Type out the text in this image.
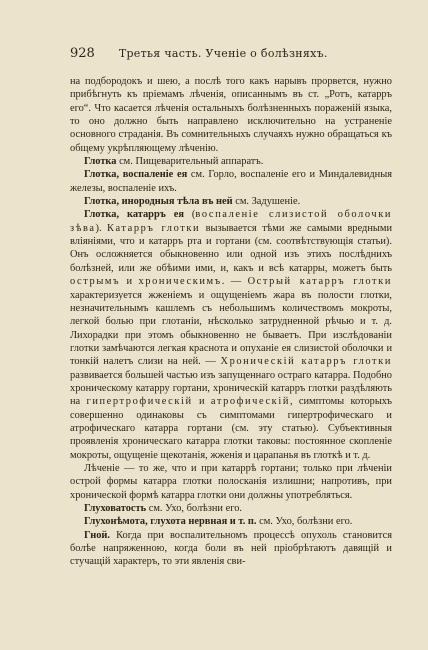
928 Третья часть. Ученіе о болѣзняхъ.

на подбородокъ и шею, а послѣ того какъ нарывъ прорвется, нужно прибѣгнуть къ пріемамъ лѣченія, описаннымъ въ ст. „Ротъ, катарръ его“. Что касается лѣченія остальныхъ болѣзненныхъ пораженій языка, то оно должно быть направлено исключительно на устраненіе основного страданія. Въ сомнительныхъ случаяхъ нужно обращаться къ общему укрѣпляющему лѣченію.

Глотка см. Пищеварительный аппаратъ.

Глотка, воспаленіе ея см. Горло, воспаленіе его и Миндалевидныя железы, воспаленіе ихъ.

Глотка, инородныя тѣла въ ней см. Задушеніе.

Глотка, катарръ ея (воспаленіе слизистой оболочки зѣва). Катарръ глотки вызывается тѣми же самыми вредными вліяніями, что и катарръ рта и гортани (см. соотвѣтствующія статьи). Онъ осложняется обыкновенно или одной изъ этихъ послѣднихъ болѣзней, или же обѣими ими, и, какъ и всѣ катарры, можетъ быть острымъ и хроническимъ. — Острый катарръ глотки характеризуется жженіемъ и ощущеніемъ жара въ полости глотки, незначительнымъ кашлемъ съ небольшимъ количествомъ мокроты, легкой болью при глотаніи, нѣсколько затрудненной рѣчью и т. д. Лихорадки при этомъ обыкновенно не бываетъ. При изслѣдованіи глотки замѣчаются легкая краснота и опуханіе ея слизистой оболочки и тонкій налетъ слизи на ней. — Хроническій катарръ глотки развивается большей частью изъ запущеннаго остраго катарра. Подобно хроническому катарру гортани, хроническій катарръ глотки раздѣляють на гипертрофическій и атрофическій, симптомы которыхъ совершенно одинаковы съ симптомами гипертрофическаго и атрофическаго катарра гортани (см. эту статью). Субъективныя проявленія хроническаго катарра глотки таковы: постоянное скопленіе мокроты, ощущеніе щекотанія, жженія и царапанья въ глоткѣ и т. д.

Лѣченіе — то же, что и при катаррѣ гортани; только при лѣченіи острой формы катарра глотки полосканія излишни; напротивъ, при хронической формѣ катарра глотки они должны употребляться.

Глуховатость см. Ухо, болѣзни его.

Глухонѣмота, глухота нервная и т. п. см. Ухо, болѣзни его.

Гной. Когда при воспалительномъ процессѣ опухоль становится болѣе напряженною, когда боли въ ней пріобрѣтаютъ давящій и стучащій характеръ, то эти явленія сви-
